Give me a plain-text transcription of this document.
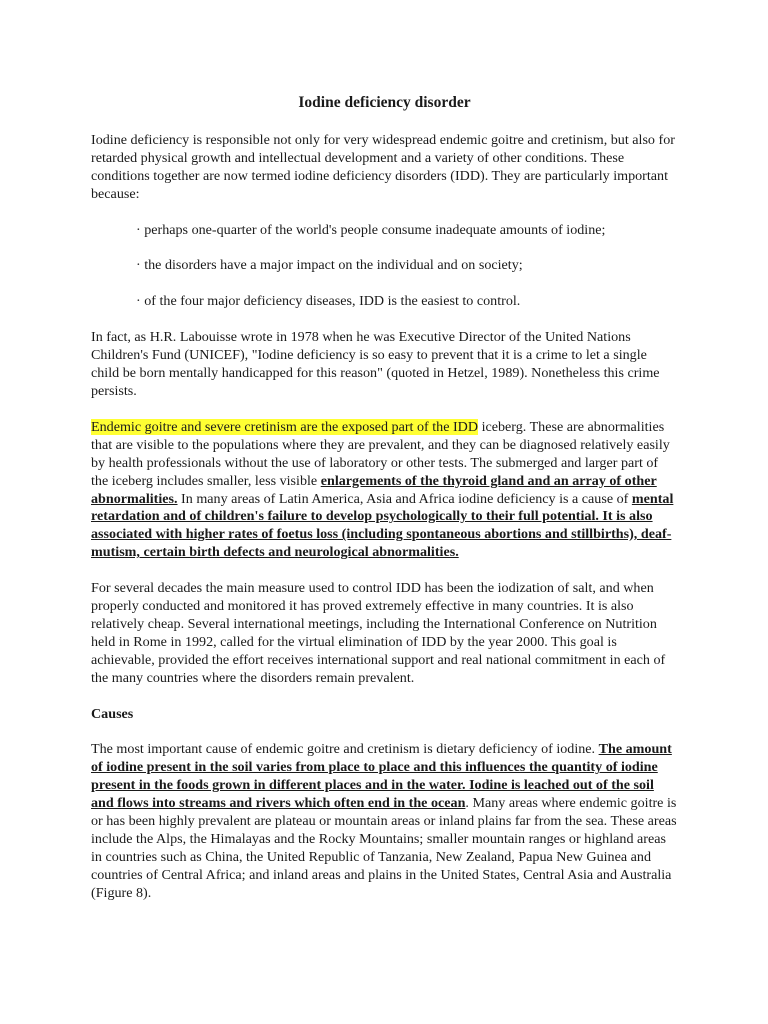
Iodine deficiency disorder

Iodine deficiency is responsible not only for very widespread endemic goitre and cretinism, but also for retarded physical growth and intellectual development and a variety of other conditions. These conditions together are now termed iodine deficiency disorders (IDD). They are particularly important because:

· perhaps one-quarter of the world's people consume inadequate amounts of iodine;

· the disorders have a major impact on the individual and on society;

· of the four major deficiency diseases, IDD is the easiest to control.

In fact, as H.R. Labouisse wrote in 1978 when he was Executive Director of the United Nations Children's Fund (UNICEF), "Iodine deficiency is so easy to prevent that it is a crime to let a single child be born mentally handicapped for this reason" (quoted in Hetzel, 1989). Nonetheless this crime persists.

Endemic goitre and severe cretinism are the exposed part of the IDD iceberg. These are abnormalities that are visible to the populations where they are prevalent, and they can be diagnosed relatively easily by health professionals without the use of laboratory or other tests. The submerged and larger part of the iceberg includes smaller, less visible enlargements of the thyroid gland and an array of other abnormalities. In many areas of Latin America, Asia and Africa iodine deficiency is a cause of mental retardation and of children's failure to develop psychologically to their full potential. It is also associated with higher rates of foetus loss (including spontaneous abortions and stillbirths), deaf-mutism, certain birth defects and neurological abnormalities.

For several decades the main measure used to control IDD has been the iodization of salt, and when properly conducted and monitored it has proved extremely effective in many countries. It is also relatively cheap. Several international meetings, including the International Conference on Nutrition held in Rome in 1992, called for the virtual elimination of IDD by the year 2000. This goal is achievable, provided the effort receives international support and real national commitment in each of the many countries where the disorders remain prevalent.

Causes

The most important cause of endemic goitre and cretinism is dietary deficiency of iodine. The amount of iodine present in the soil varies from place to place and this influences the quantity of iodine present in the foods grown in different places and in the water. Iodine is leached out of the soil and flows into streams and rivers which often end in the ocean. Many areas where endemic goitre is or has been highly prevalent are plateau or mountain areas or inland plains far from the sea. These areas include the Alps, the Himalayas and the Rocky Mountains; smaller mountain ranges or highland areas in countries such as China, the United Republic of Tanzania, New Zealand, Papua New Guinea and countries of Central Africa; and inland areas and plains in the United States, Central Asia and Australia (Figure 8).
